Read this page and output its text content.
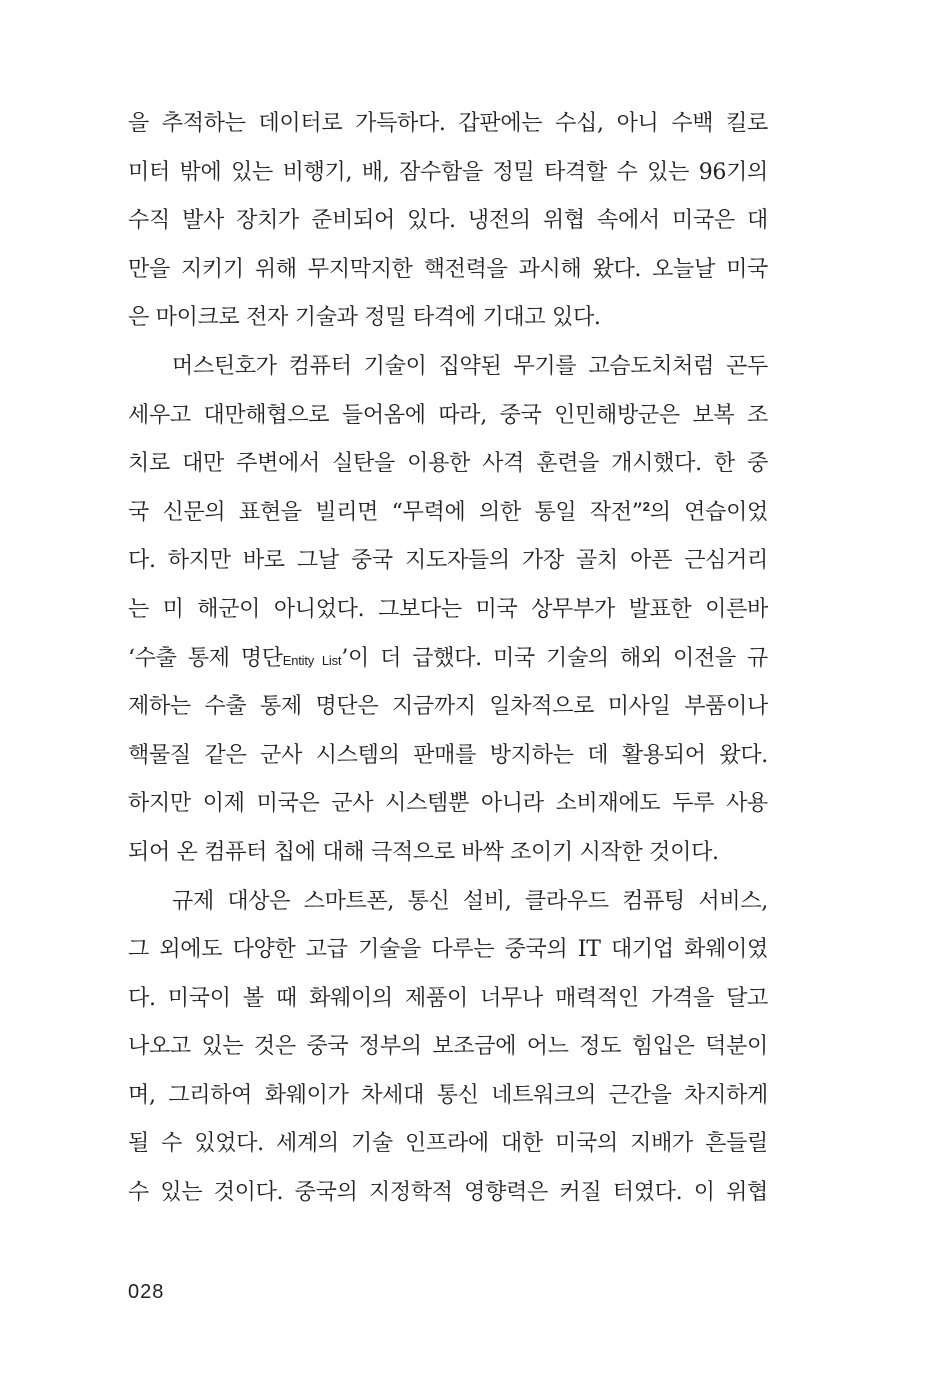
을 추적하는 데이터로 가득하다. 갑판에는 수십, 아니 수백 킬로
미터 밖에 있는 비행기, 배, 잠수함을 정밀 타격할 수 있는 96기의
수직 발사 장치가 준비되어 있다. 냉전의 위협 속에서 미국은 대
만을 지키기 위해 무지막지한 핵전력을 과시해 왔다. 오늘날 미국
은 마이크로 전자 기술과 정밀 타격에 기대고 있다.
머스틴호가 컴퓨터 기술이 집약된 무기를 고슴도치처럼 곤두
세우고 대만해협으로 들어옴에 따라, 중국 인민해방군은 보복 조
치로 대만 주변에서 실탄을 이용한 사격 훈련을 개시했다. 한 중
국 신문의 표현을 빌리면 “무력에 의한 통일 작전”$^2$의 연습이었
다. 하지만 바로 그날 중국 지도자들의 가장 골치 아픈 근심거리
는 미 해군이 아니었다. 그보다는 미국 상무부가 발표한 이른바
‘수출 통제 명단Entity List’이 더 급했다. 미국 기술의 해외 이전을 규
제하는 수출 통제 명단은 지금까지 일차적으로 미사일 부품이나
핵물질 같은 군사 시스템의 판매를 방지하는 데 활용되어 왔다.
하지만 이제 미국은 군사 시스템뿐 아니라 소비재에도 두루 사용
되어 온 컴퓨터 칩에 대해 극적으로 바싹 조이기 시작한 것이다.
규제 대상은 스마트폰, 통신 설비, 클라우드 컴퓨팅 서비스,
그 외에도 다양한 고급 기술을 다루는 중국의 IT 대기업 화웨이였
다. 미국이 볼 때 화웨이의 제품이 너무나 매력적인 가격을 달고
나오고 있는 것은 중국 정부의 보조금에 어느 정도 힘입은 덕분이
며, 그리하여 화웨이가 차세대 통신 네트워크의 근간을 차지하게
될 수 있었다. 세계의 기술 인프라에 대한 미국의 지배가 흔들릴
수 있는 것이다. 중국의 지정학적 영향력은 커질 터였다. 이 위협
028
